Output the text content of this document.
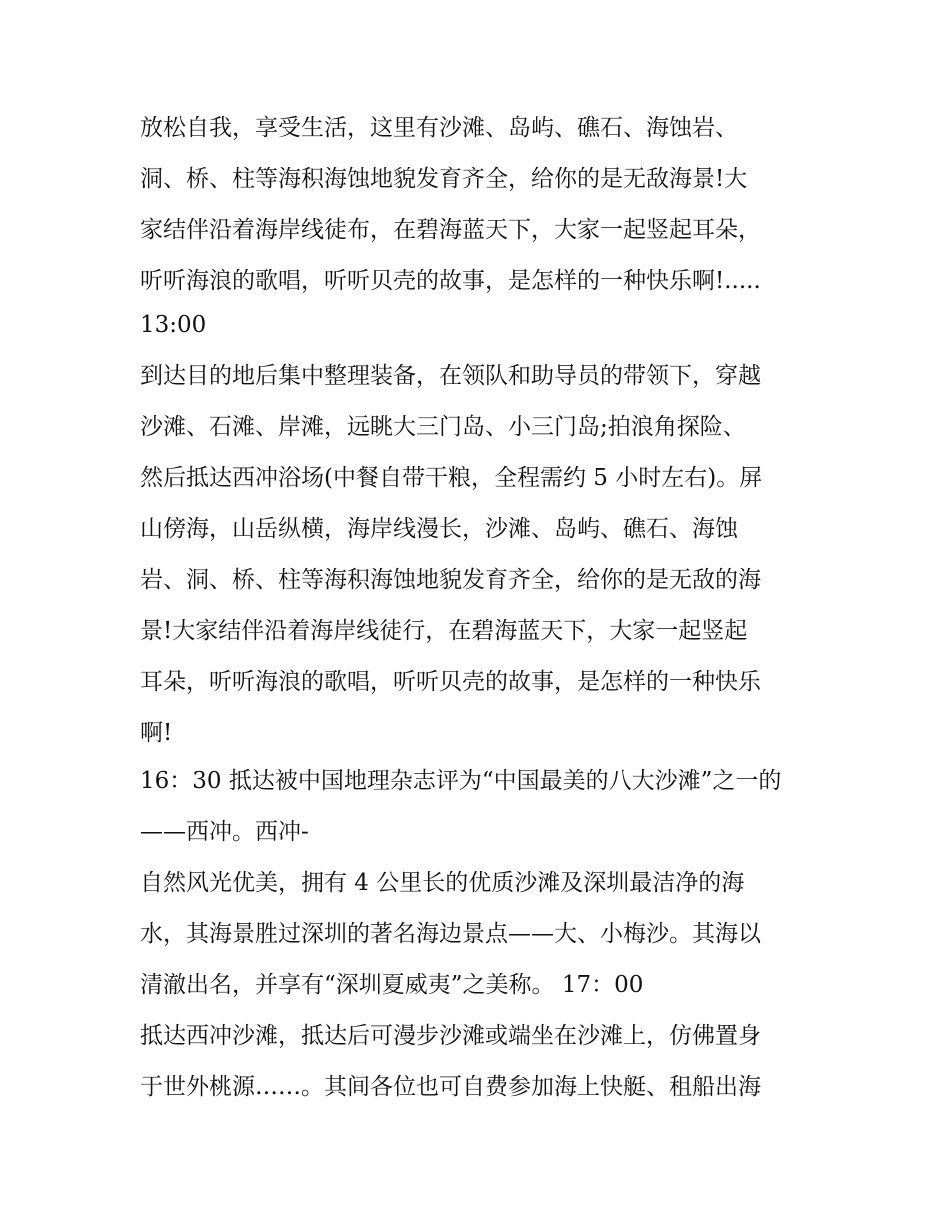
放松自我，享受生活，这里有沙滩、岛屿、礁石、海蚀岩、
洞、桥、柱等海积海蚀地貌发育齐全，给你的是无敌海景!大
家结伴沿着海岸线徒布，在碧海蓝天下，大家一起竖起耳朵，
听听海浪的歌唱，听听贝壳的故事，是怎样的一种快乐啊!.....
13:00
到达目的地后集中整理装备，在领队和助导员的带领下，穿越
沙滩、石滩、岸滩，远眺大三门岛、小三门岛;拍浪角探险、
然后抵达西冲浴场(中餐自带干粮，全程需约 5 小时左右)。屏
山傍海，山岳纵横，海岸线漫长，沙滩、岛屿、礁石、海蚀
岩、洞、桥、柱等海积海蚀地貌发育齐全，给你的是无敌的海
景!大家结伴沿着海岸线徒行，在碧海蓝天下，大家一起竖起
耳朵，听听海浪的歌唱，听听贝壳的故事，是怎样的一种快乐
啊!
16：30 抵达被中国地理杂志评为“中国最美的八大沙滩”之一的
——西冲。西冲-
自然风光优美，拥有 4 公里长的优质沙滩及深圳最洁净的海
水，其海景胜过深圳的著名海边景点——大、小梅沙。其海以
清澈出名，并享有“深圳夏威夷”之美称。 17：00
抵达西冲沙滩，抵达后可漫步沙滩或端坐在沙滩上，仿佛置身
于世外桃源……。其间各位也可自费参加海上快艇、租船出海
